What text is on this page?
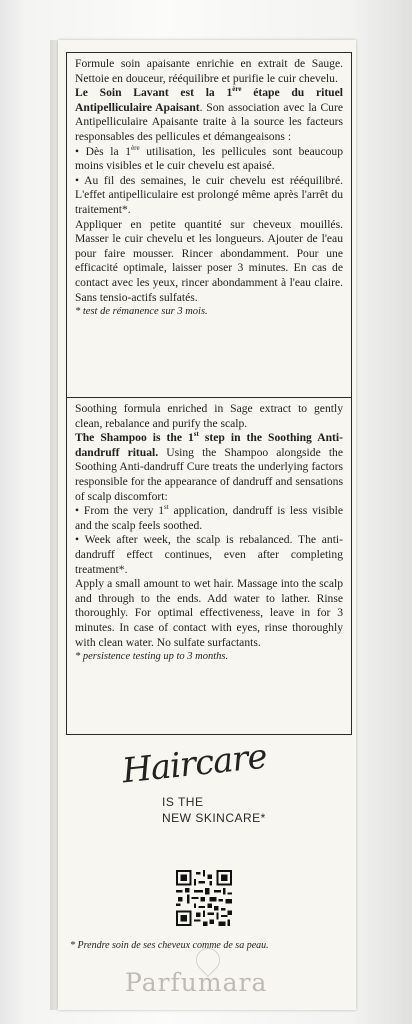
Formule soin apaisante enrichie en extrait de Sauge. Nettoie en douceur, rééquilibre et purifie le cuir chevelu.

Le Soin Lavant est la 1ère étape du rituel Antipelliculaire Apaisant. Son association avec la Cure Antipelliculaire Apaisante traite à la source les facteurs responsables des pellicules et démangeaisons :

• Dès la 1ère utilisation, les pellicules sont beaucoup moins visibles et le cuir chevelu est apaisé.

• Au fil des semaines, le cuir chevelu est rééquilibré. L'effet antipelliculaire est prolongé même après l'arrêt du traitement*.

Appliquer en petite quantité sur cheveux mouillés. Masser le cuir chevelu et les longueurs. Ajouter de l'eau pour faire mousser. Rincer abondamment. Pour une efficacité optimale, laisser poser 3 minutes. En cas de contact avec les yeux, rincer abondamment à l'eau claire. Sans tensio-actifs sulfatés.

* test de rémanence sur 3 mois.

Soothing formula enriched in Sage extract to gently clean, rebalance and purify the scalp.

The Shampoo is the 1st step in the Soothing Anti-dandruff ritual. Using the Shampoo alongside the Soothing Anti-dandruff Cure treats the underlying factors responsible for the appearance of dandruff and sensations of scalp discomfort:

• From the very 1st application, dandruff is less visible and the scalp feels soothed.

• Week after week, the scalp is rebalanced. The anti-dandruff effect continues, even after completing treatment*.

Apply a small amount to wet hair. Massage into the scalp and through to the ends. Add water to lather. Rinse thoroughly. For optimal effectiveness, leave in for 3 minutes. In case of contact with eyes, rinse thoroughly with clean water. No sulfate surfactants.

* persistence testing up to 3 months.

Haircare
IS THE
NEW SKINCARE*
* Prendre soin de ses cheveux comme de sa peau.
Parfumara
